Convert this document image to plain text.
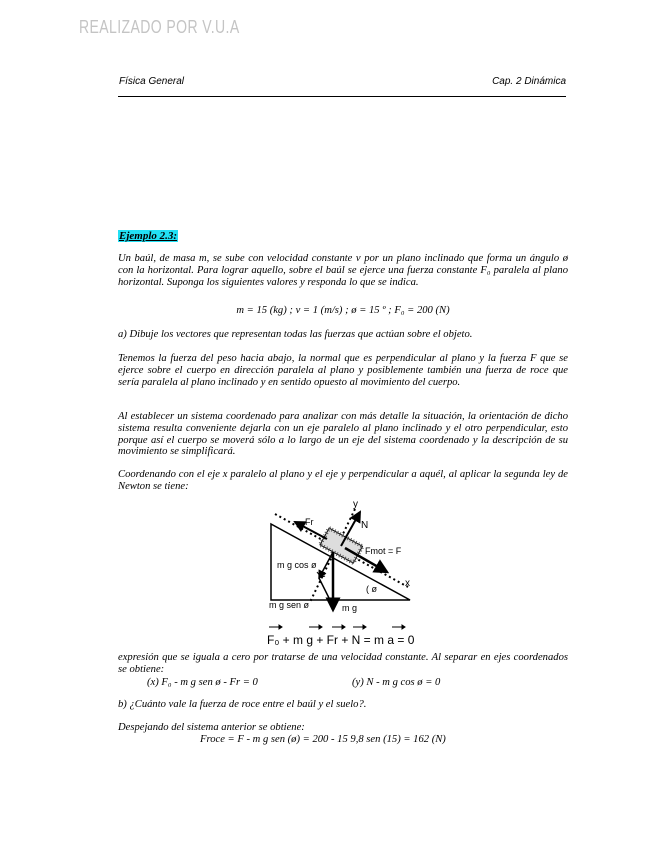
REALIZADO POR V.U.A
Física General	Cap. 2 Dinámica
Ejemplo 2.3:
Un baúl, de masa m, se sube con velocidad constante v por un plano inclinado que forma un ángulo ø con la horizontal. Para lograr aquello, sobre el baúl se ejerce una fuerza constante F₀ paralela al plano horizontal. Suponga los siguientes valores y responda lo que se indica.
m = 15 (kg) ; v = 1 (m/s) ; ø = 15 º ; F₀ = 200 (N)
a) Dibuje los vectores que representan todas las fuerzas que actúan sobre el objeto.
Tenemos la fuerza del peso hacia abajo, la normal que es perpendicular al plano y la fuerza F que se ejerce sobre el cuerpo en dirección paralela al plano y posiblemente también una fuerza de roce que sería paralela al plano inclinado y en sentido opuesto al movimiento del cuerpo.
Al establecer un sistema coordenado para analizar con más detalle la situación, la orientación de dicho sistema resulta conveniente dejarla con un eje paralelo al plano inclinado y el otro perpendicular, esto porque así el cuerpo se moverá sólo a lo largo de un eje del sistema coordenado y la descripción de su movimiento se simplificará.
Coordenando con el eje x paralelo al plano y el eje y perpendicular a aquél, al aplicar la segunda ley de Newton se tiene:
y
N
Fr
Fmot = F
m g cos ø
m g sen ø	m g
( ø	x
F₀ + m g + Fr + N = m a = 0
expresión que se iguala a cero por tratarse de una velocidad constante. Al separar en ejes coordenados se obtiene:
(x) F₀ - m g sen ø - Fr = 0	(y) N - m g cos ø = 0
b) ¿Cuánto vale la fuerza de roce entre el baúl y el suelo?.
Despejando del sistema anterior se obtiene:
Froce = F - m g sen (ø) = 200 - 15 9,8 sen (15) = 162 (N)
